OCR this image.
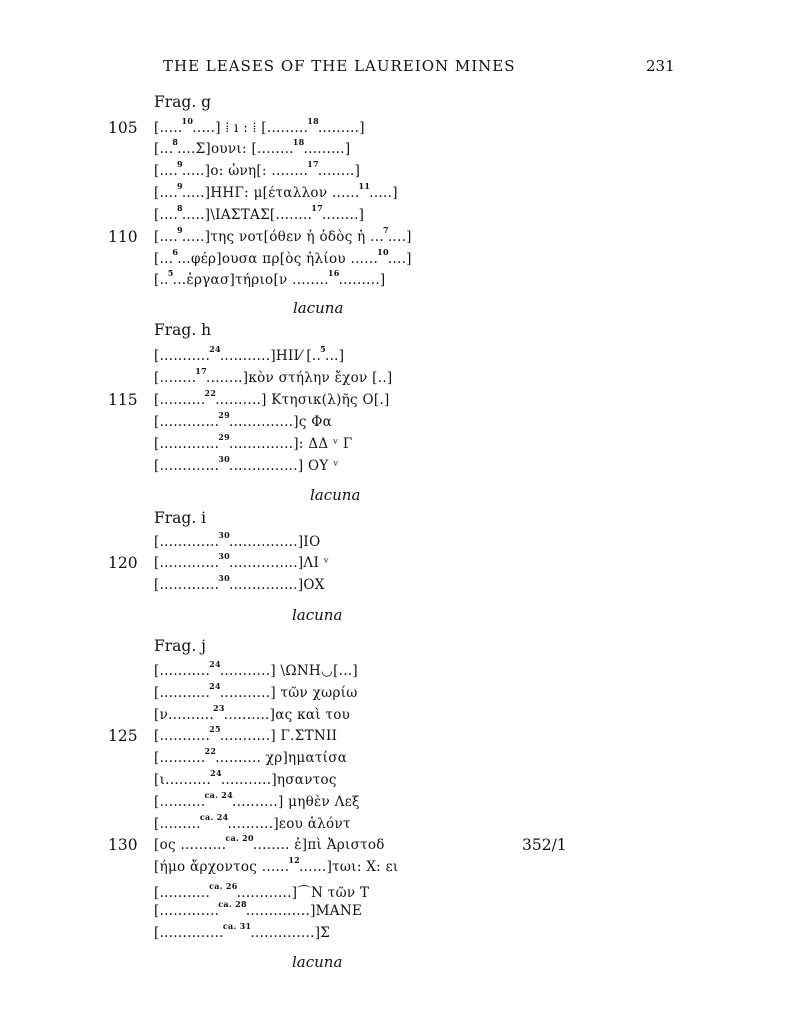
THE LEASES OF THE LAUREION MINES	231
Frag. g
105 [.....$^{10}$.....] ⁞ ı : ⁞ [.........$^{18}$.........]
[...$^8$....Σ]ουνι: [........$^{18}$.........]
[....$^9$.....]ο: ὠνη[: ........$^{17}$........]
[....$^9$.....]ΗΗΓ: μ[έταλλον ......$^{11}$.....]
[....$^8$.....]\ΙΑΣΤΑΣ[........$^{17}$........]
110 [....$^9$.....]της νοτ[όθεν ἡ ὁδὸς ἡ ...$^7$....]
[...$^6$...φέρ]ουσα πρ[ὸς ἡλίου ......$^{10}$....]
[..$^5$...ἐργασ]τήριο[ν ........$^{16}$.........]
lacuna
Frag. h
[...........$^{24}$...........]ΗΙΙ⁄ [..$^5$...]
[........$^{17}$........]κὸν στήλην ἔχον [..]
115 [..........$^{22}$..........] Κτησικ(λ)ῆς Ο[.]
[.............$^{29}$..............]ς Φα
[.............$^{29}$..............]: ΔΔ ᵛ Γ
[.............$^{30}$...............] ΟΥ ᵛ
lacuna
Frag. i
[.............$^{30}$...............]ΙΟ
120 [.............$^{30}$...............]ΛΙ ᵛ
[.............$^{30}$...............]ΟΧ
lacuna
Frag. j
[...........$^{24}$...........] \ΩΝΗ◡[...]
[...........$^{24}$...........] τῶν χωρίω
[ν..........$^{23}$..........]ας καὶ του
125 [...........$^{25}$...........] Γ.ΣΤΝΙΙ
[..........$^{22}$.......... χρ]ηματίσα
[ι..........$^{24}$...........]ησαντος
[..........$^{ca. 24}$..........] μηθὲν Λεξ
[.........$^{ca. 24}$..........]εου ἁλόντ
130 [ος ..........$^{ca. 20}$........ ἐ]πὶ Ἀριστοδ	352/1
[ήμο ἄρχοντος ......$^{12}$......]τωι: Χ: ει
[...........$^{ca. 26}$............]⌒Ν τῶν Τ
[.............$^{ca. 28}$..............]ΜΑΝΕ
[..............$^{ca. 31}$..............]Σ
lacuna
